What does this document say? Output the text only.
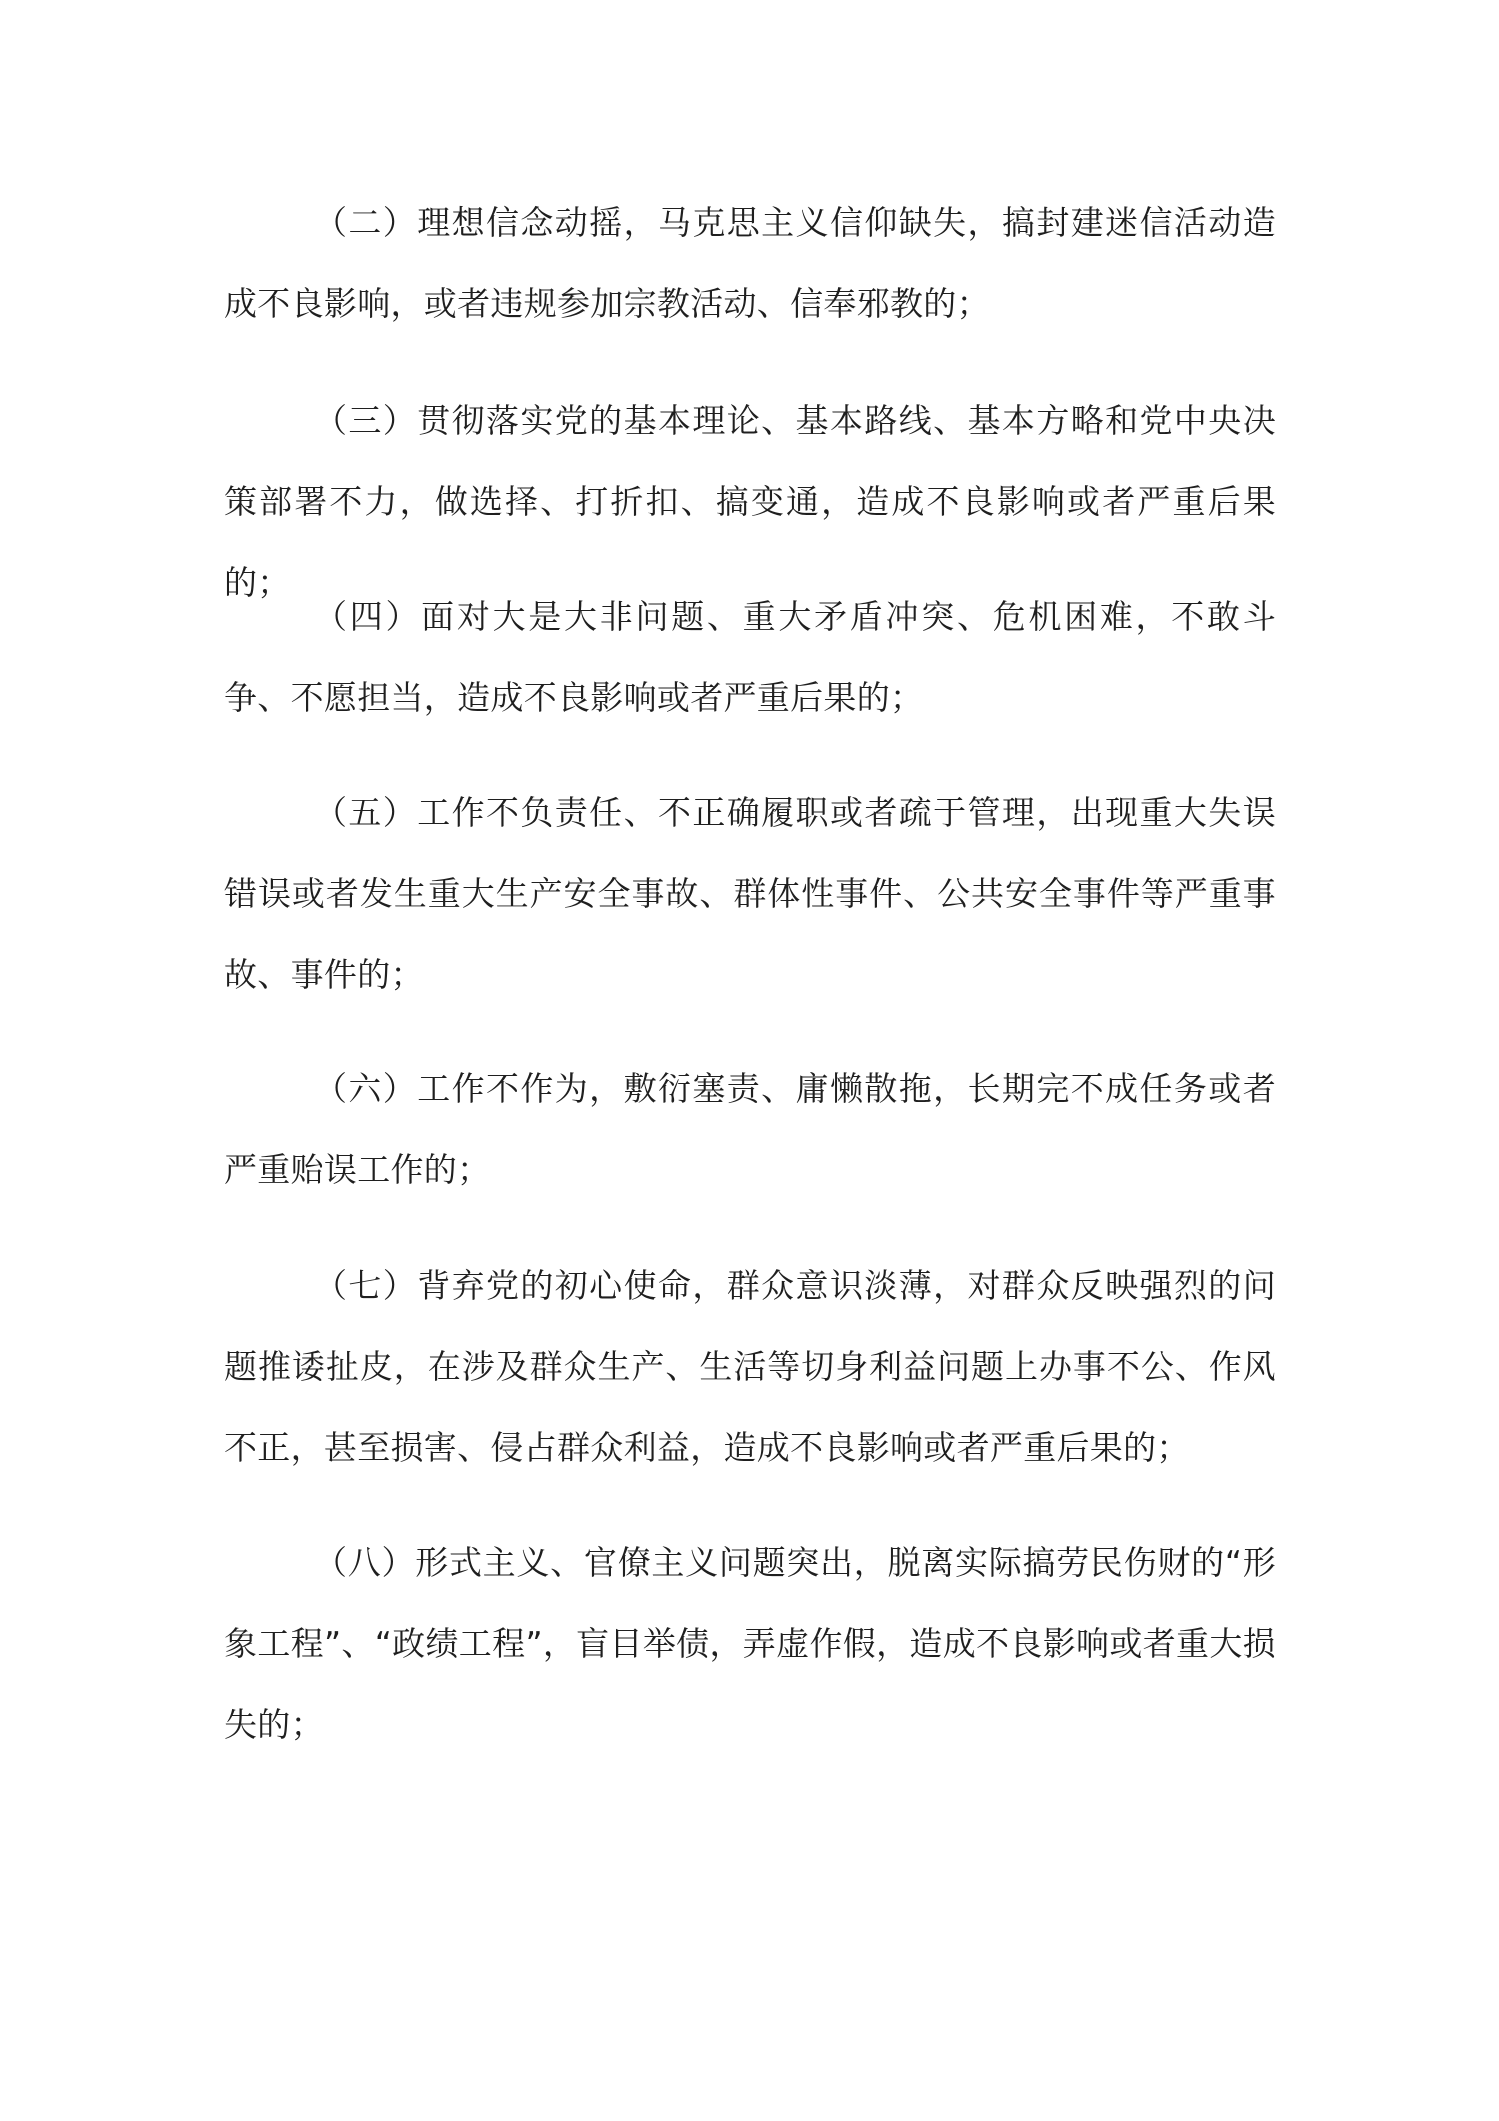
（二）理想信念动摇，马克思主义信仰缺失，搞封建迷信活动造成不良影响，或者违规参加宗教活动、信奉邪教的；

（三）贯彻落实党的基本理论、基本路线、基本方略和党中央决策部署不力，做选择、打折扣、搞变通，造成不良影响或者严重后果的；

（四）面对大是大非问题、重大矛盾冲突、危机困难，不敢斗争、不愿担当，造成不良影响或者严重后果的；

（五）工作不负责任、不正确履职或者疏于管理，出现重大失误错误或者发生重大生产安全事故、群体性事件、公共安全事件等严重事故、事件的；

（六）工作不作为，敷衍塞责、庸懒散拖，长期完不成任务或者严重贻误工作的；

（七）背弃党的初心使命，群众意识淡薄，对群众反映强烈的问题推诿扯皮，在涉及群众生产、生活等切身利益问题上办事不公、作风不正，甚至损害、侵占群众利益，造成不良影响或者严重后果的；

（八）形式主义、官僚主义问题突出，脱离实际搞劳民伤财的“形象工程”、“政绩工程”，盲目举债，弄虚作假，造成不良影响或者重大损失的；
